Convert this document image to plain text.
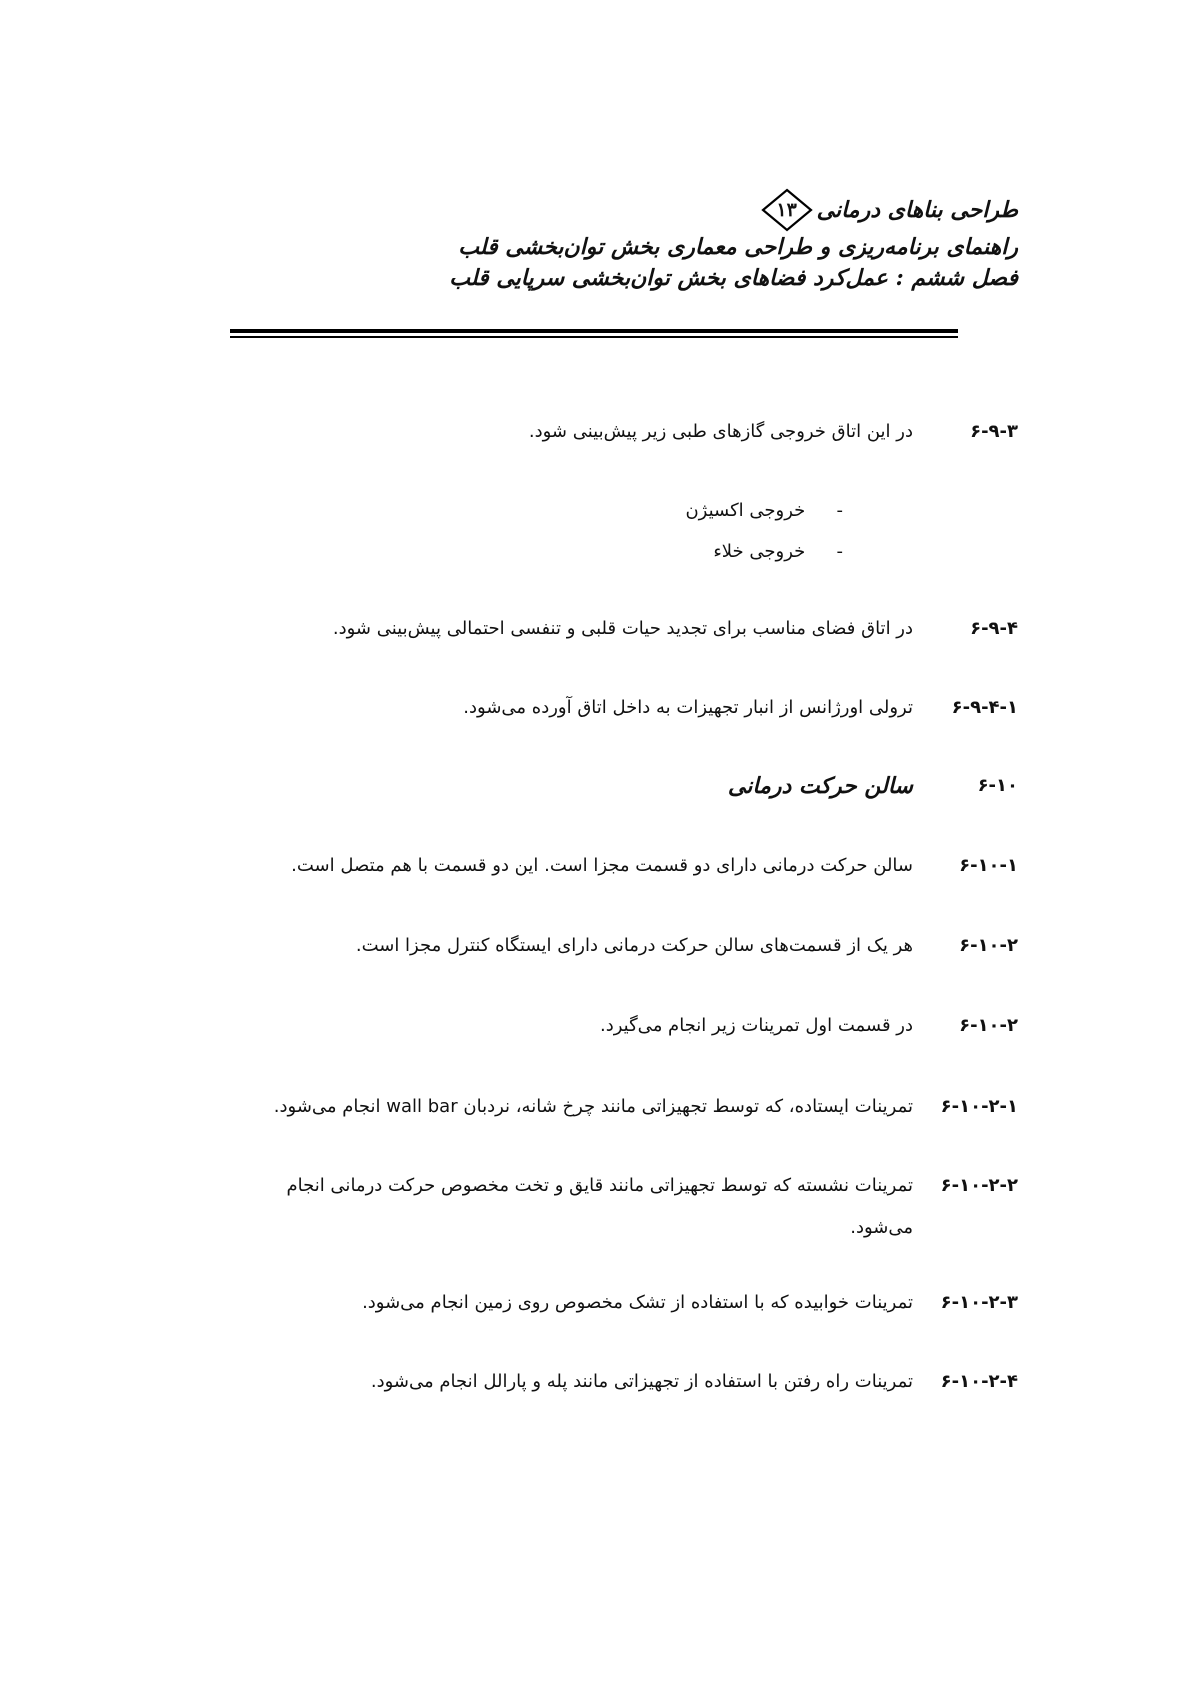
طراحی بناهای درمانی
۱۳
راهنمای برنامه‌ریزی و طراحی معماری بخش توان‌بخشی قلب
فصل ششم : عمل‌کرد فضاهای بخش توان‌بخشی سرپایی قلب
۶-۹-۳
در این اتاق خروجی گازهای طبی زیر پیش‌بینی شود.
- خروجی اکسیژن
- خروجی خلاء
۶-۹-۴
در اتاق فضای مناسب برای تجدید حیات قلبی و تنفسی احتمالی پیش‌بینی شود.
۶-۹-۴-۱
ترولی اورژانس از انبار تجهیزات به داخل اتاق آورده می‌شود.
۶-۱۰
سالن حرکت درمانی
۶-۱۰-۱
سالن حرکت درمانی دارای دو قسمت مجزا است. این دو قسمت با هم متصل است.
۶-۱۰-۲
هر یک از قسمت‌های سالن حرکت درمانی دارای ایستگاه کنترل مجزا است.
۶-۱۰-۲
در قسمت اول تمرینات زیر انجام می‌گیرد.
۶-۱۰-۲-۱
تمرینات ایستاده، که توسط تجهیزاتی مانند چرخ شانه، نردبان wall bar انجام می‌شود.
۶-۱۰-۲-۲
تمرینات نشسته که توسط تجهیزاتی مانند قایق و تخت مخصوص حرکت درمانی انجام
می‌شود.
۶-۱۰-۲-۳
تمرینات خوابیده که با استفاده از تشک مخصوص روی زمین انجام می‌شود.
۶-۱۰-۲-۴
تمرینات راه رفتن با استفاده از تجهیزاتی مانند پله و پارالل انجام می‌شود.
